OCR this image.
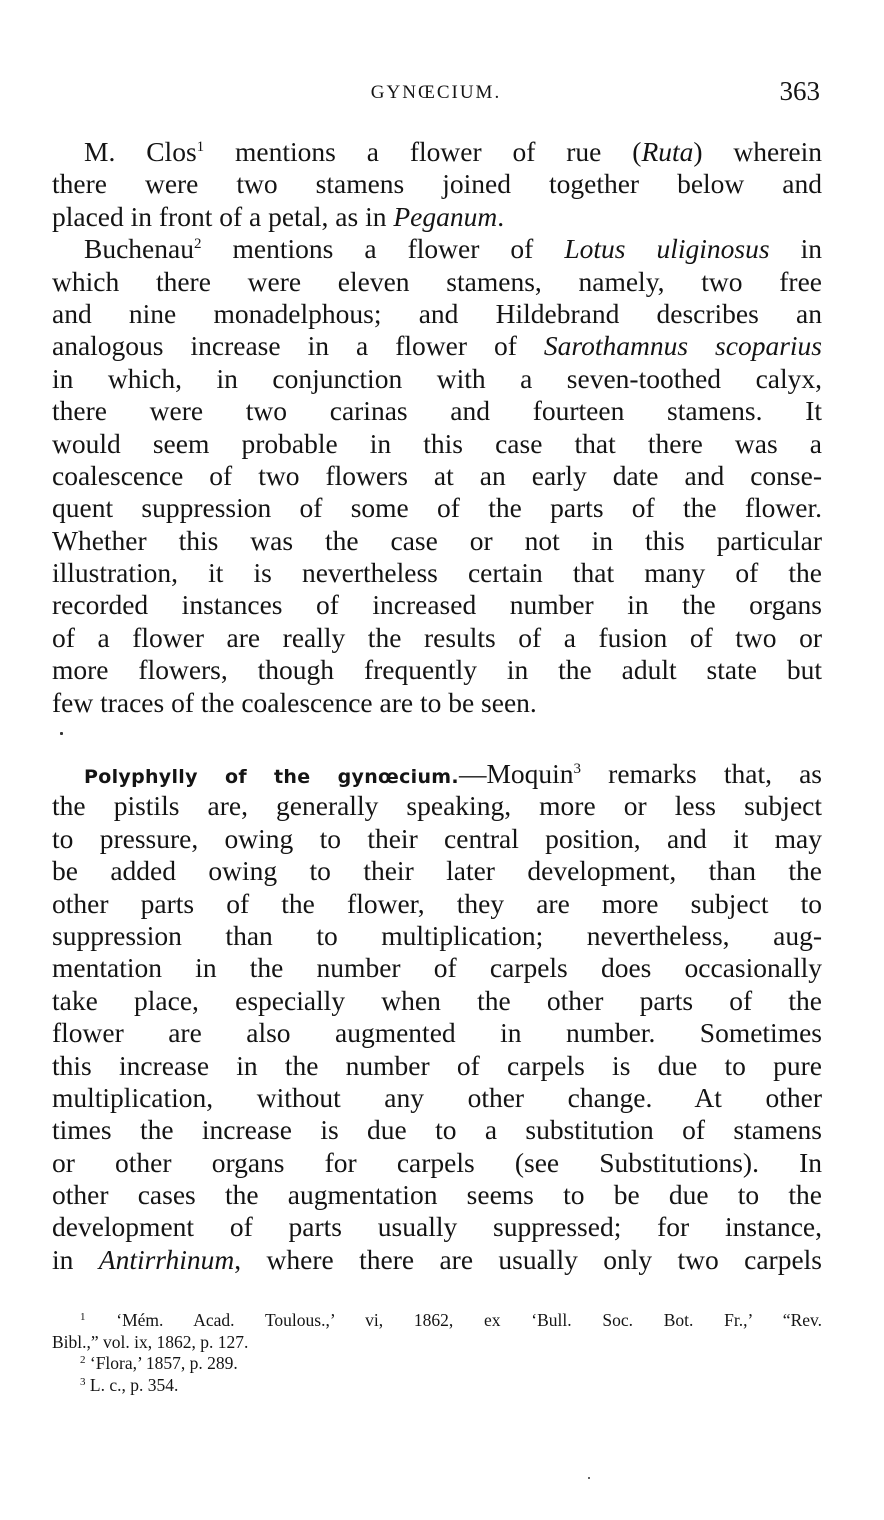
GYNŒCIUM.	363
M. Clos$^1$ mentions a flower of rue (Ruta) wherein
there were two stamens joined together below and
placed in front of a petal, as in Peganum.
Buchenau$^2$ mentions a flower of Lotus uliginosus in
which there were eleven stamens, namely, two free
and nine monadelphous; and Hildebrand describes an
analogous increase in a flower of Sarothamnus scoparius
in which, in conjunction with a seven-toothed calyx,
there were two carinas and fourteen stamens. It
would seem probable in this case that there was a
coalescence of two flowers at an early date and conse-
quent suppression of some of the parts of the flower.
Whether this was the case or not in this particular
illustration, it is nevertheless certain that many of the
recorded instances of increased number in the organs
of a flower are really the results of a fusion of two or
more flowers, though frequently in the adult state but
few traces of the coalescence are to be seen.
Polyphylly of the gynœcium.—Moquin$^3$ remarks that, as
the pistils are, generally speaking, more or less subject
to pressure, owing to their central position, and it may
be added owing to their later development, than the
other parts of the flower, they are more subject to
suppression than to multiplication; nevertheless, aug-
mentation in the number of carpels does occasionally
take place, especially when the other parts of the
flower are also augmented in number. Sometimes
this increase in the number of carpels is due to pure
multiplication, without any other change. At other
times the increase is due to a substitution of stamens
or other organs for carpels (see Substitutions). In
other cases the augmentation seems to be due to the
development of parts usually suppressed; for instance,
in Antirrhinum, where there are usually only two carpels
$^1$ ‘Mém. Acad. Toulous.,’ vi, 1862, ex ‘Bull. Soc. Bot. Fr.,’ “Rev.
Bibl.,” vol. ix, 1862, p. 127.
$^2$ ‘Flora,’ 1857, p. 289.
$^3$ L. c., p. 354.
